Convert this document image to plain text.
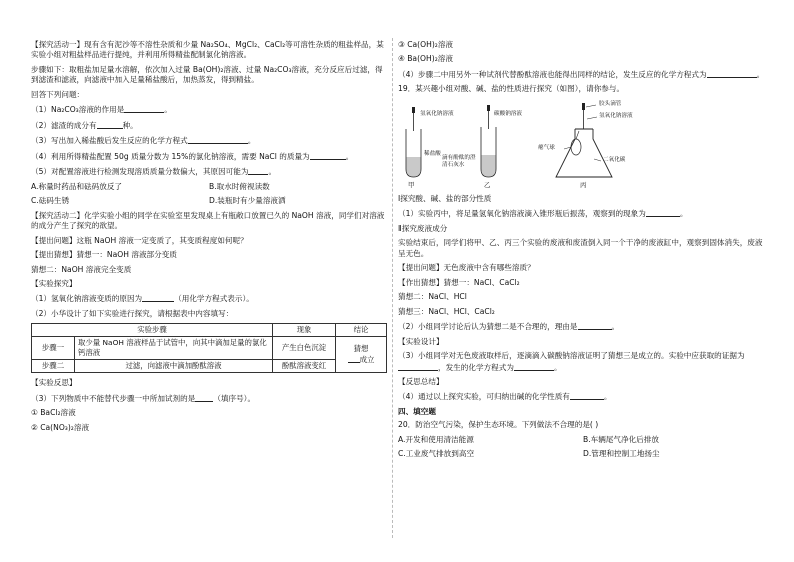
【探究活动一】现有含有泥沙等不溶性杂质和少量 Na₂SO₄、MgCl₂、CaCl₂等可溶性杂质的粗盐样品，某实验小组对粗盐样品进行提纯，并利用所得精盐配制氯化钠溶液。

步骤如下：取粗盐加足量水溶解，依次加入过量 Ba(OH)₂溶液、过量 Na₂CO₃溶液，充分反应后过滤，得到滤渣和滤液，向滤液中加入足量稀盐酸后，加热蒸发，得到精盐。

回答下列问题：

（1）Na₂CO₃溶液的作用是	。

（2）滤渣的成分有	种。

（3）写出加入稀盐酸后发生反应的化学方程式	。

（4）利用所得精盐配置 50g 质量分数为 15%的氯化钠溶液，需要 NaCl 的质量为	。

（5）对配置溶液进行检测发现溶质质量分数偏大，其原因可能为	。

A.称量时药品和砝码放反了	B.取水时俯视读数
C.砝码生锈	D.装瓶时有少量溶液洒

【探究活动二】化学实验小组的同学在实验室里发现桌上有瓶敞口放置已久的 NaOH 溶液，同学们对溶液的成分产生了探究的欲望。

【提出问题】这瓶 NaOH 溶液一定变质了，其变质程度如何呢？

【提出猜想】猜想一：NaOH 溶液部分变质

猜想二：NaOH 溶液完全变质

【实验探究】

（1）氢氧化钠溶液变质的原因为	（用化学方程式表示）。

（2）小华设计了如下实验进行探究，请根据表中内容填写：

实验步骤		现象	结论
步骤一	取少量 NaOH 溶液样品于试管中，向其中滴加足量的氯化钙溶液	产生白色沉淀	猜想
成立

步骤二	过滤，向滤液中滴加酚酞溶液	酚酞溶液变红	

【实验反思】

（3）下列物质中不能替代步骤一中所加试剂的是 （填序号）。

① BaCl₂溶液

② Ca(NO₃)₂溶液

③ Ca(OH)₂溶液

④ Ba(OH)₂溶液

（4）步骤二中用另外一种试剂代替酚酞溶液也能得出同样的结论，发生反应的化学方程式为	。

19．某兴趣小组对酸、碱、盐的性质进行探究（如图），请你参与。

氢氧化钠溶液
稀盐酸
碳酸钠溶液
滴有酚酞的澄清石灰水
胶头滴管
氢氧化钠溶液
瘪气球
二氧化碳
甲	乙	丙

Ⅰ探究酸、碱、盐的部分性质

（1）实验丙中，将足量氢氧化钠溶液滴入锥形瓶后振荡，观察到的现象为	。

Ⅱ探究废液成分

实验结束后，同学们将甲、乙、丙三个实验的废液和废渣倒入同一个干净的废液缸中，观察到固体消失，废液呈无色。

【提出问题】无色废液中含有哪些溶质？

【作出猜想】猜想一：NaCl、CaCl₂

猜想二：NaCl、HCl

猜想三：NaCl、HCl、CaCl₂

（2）小组同学讨论后认为猜想二是不合理的，理由是	。

【实验设计】

（3）小组同学对无色废液取样后，逐滴滴入碳酸钠溶液证明了猜想三是成立的。实验中应获取的证据为，发生的化学方程式为	。

【反思总结】

（4）通过以上探究实验，可归纳出碱的化学性质有	。

四、填空题

20．防治空气污染，保护生态环境。下列做法不合理的是( )

A.开发和使用清洁能源	B.车辆尾气净化后排放
C.工业废气排放到高空	D.管理和控制工地扬尘
